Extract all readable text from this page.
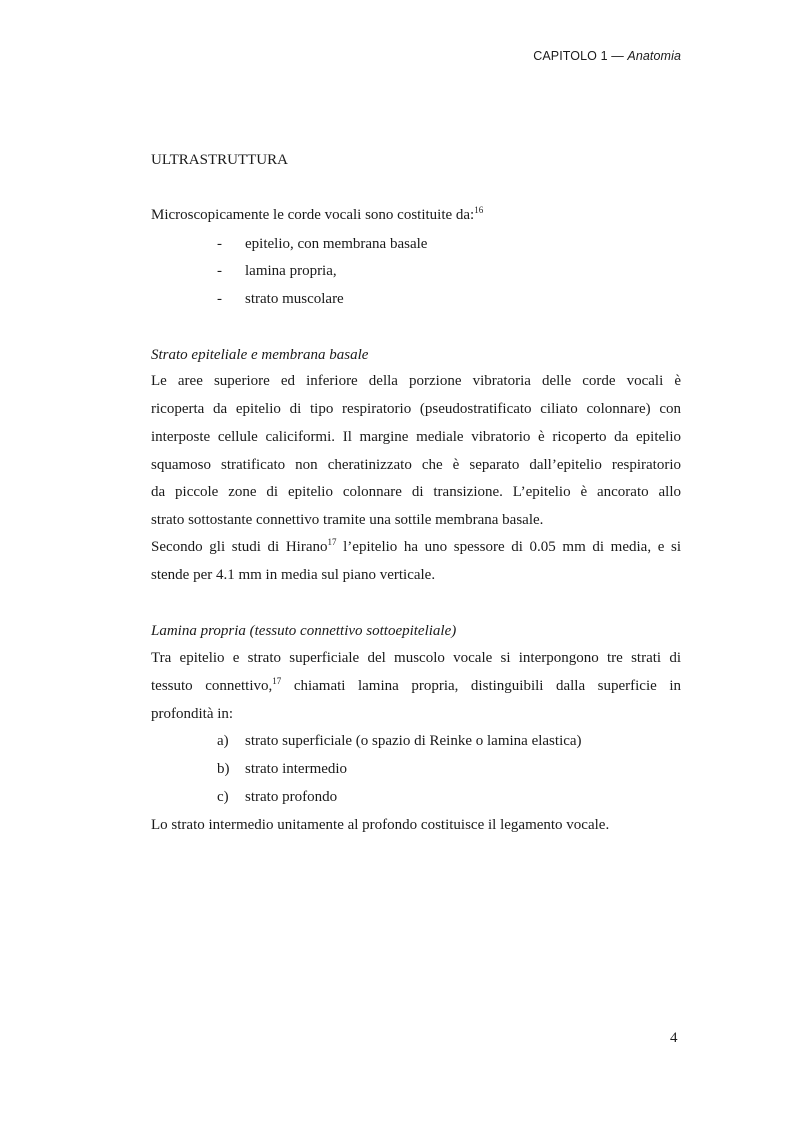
CAPITOLO 1 — Anatomia
ULTRASTRUTTURA
Microscopicamente le corde vocali sono costituite da:$^{16}$
- epitelio, con membrana basale
- lamina propria,
- strato muscolare
Strato epiteliale e membrana basale
Le aree superiore ed inferiore della porzione vibratoria delle corde vocali è
ricoperta da epitelio di tipo respiratorio (pseudostratificato ciliato colonnare) con
interposte cellule caliciformi. Il margine mediale vibratorio è ricoperto da epitelio
squamoso stratificato non cheratinizzato che è separato dall’epitelio respiratorio
da piccole zone di epitelio colonnare di transizione. L’epitelio è ancorato allo
strato sottostante connettivo tramite una sottile membrana basale.
Secondo gli studi di Hirano$^{17}$ l’epitelio ha uno spessore di 0.05 mm di media, e si
stende per 4.1 mm in media sul piano verticale.
Lamina propria (tessuto connettivo sottoepiteliale)
Tra epitelio e strato superficiale del muscolo vocale si interpongono tre strati di
tessuto connettivo,$^{17}$ chiamati lamina propria, distinguibili dalla superficie in
profondità in:
a) strato superficiale (o spazio di Reinke o lamina elastica)
b) strato intermedio
c) strato profondo
Lo strato intermedio unitamente al profondo costituisce il legamento vocale.
4
